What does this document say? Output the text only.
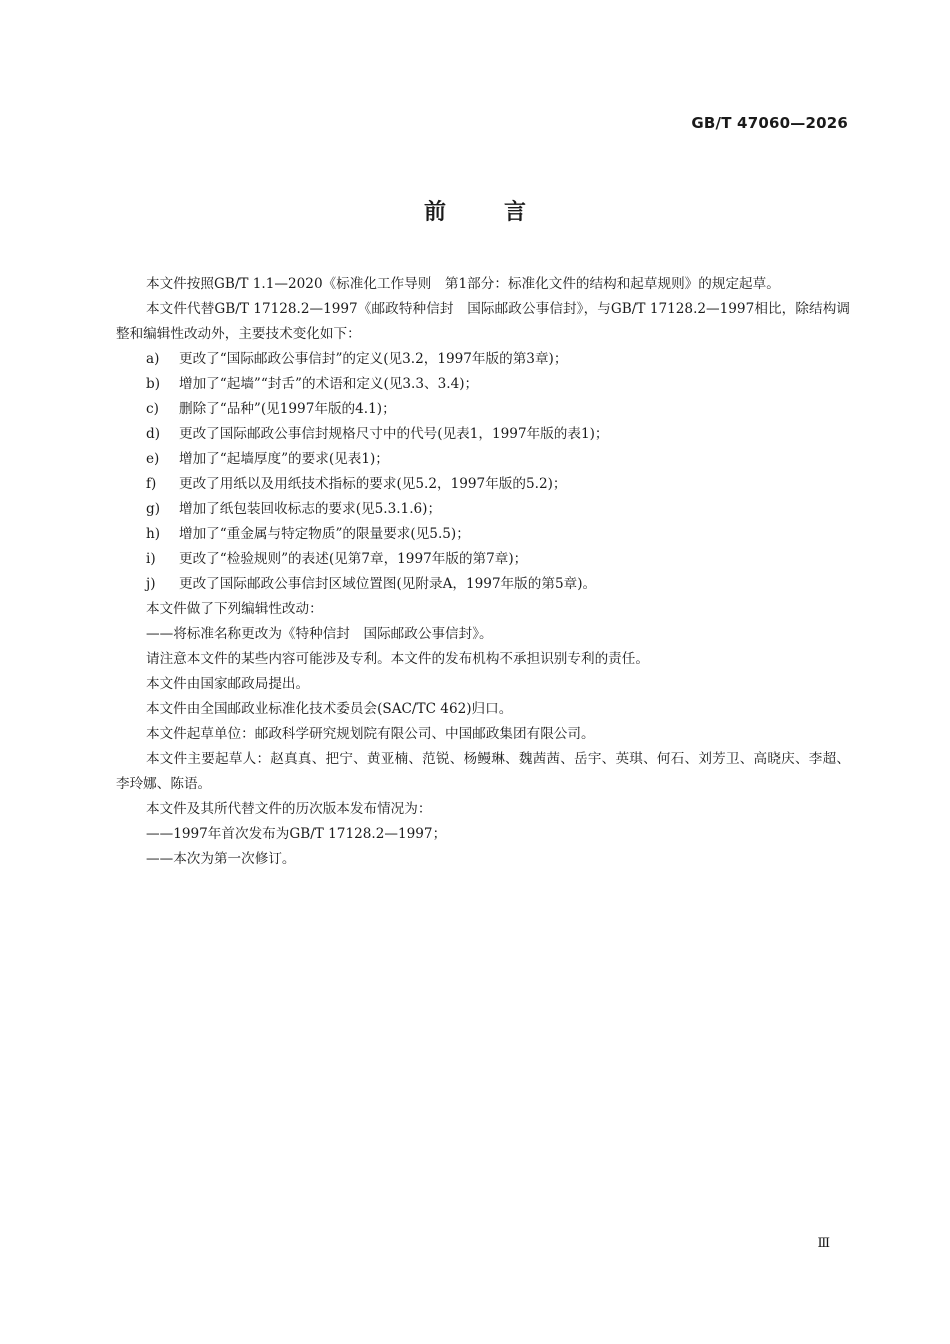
GB/T 47060—2026
前言

本文件按照GB/T 1.1—2020《标准化工作导则　第1部分：标准化文件的结构和起草规则》的规定起草。

本文件代替GB/T 17128.2—1997《邮政特种信封　国际邮政公事信封》，与GB/T 17128.2—1997相比，除结构调整和编辑性改动外，主要技术变化如下：

a)	更改了“国际邮政公事信封”的定义(见3.2，1997年版的第3章)；
b)	增加了“起墙”“封舌”的术语和定义(见3.3、3.4)；
c)	删除了“品种”(见1997年版的4.1)；
d)	更改了国际邮政公事信封规格尺寸中的代号(见表1，1997年版的表1)；
e)	增加了“起墙厚度”的要求(见表1)；
f)	更改了用纸以及用纸技术指标的要求(见5.2，1997年版的5.2)；
g)	增加了纸包装回收标志的要求(见5.3.1.6)；
h)	增加了“重金属与特定物质”的限量要求(见5.5)；
i)	更改了“检验规则”的表述(见第7章，1997年版的第7章)；
j)	更改了国际邮政公事信封区域位置图(见附录A，1997年版的第5章)。

本文件做了下列编辑性改动：

——将标准名称更改为《特种信封　国际邮政公事信封》。

请注意本文件的某些内容可能涉及专利。本文件的发布机构不承担识别专利的责任。

本文件由国家邮政局提出。

本文件由全国邮政业标准化技术委员会(SAC/TC 462)归口。

本文件起草单位：邮政科学研究规划院有限公司、中国邮政集团有限公司。

本文件主要起草人：赵真真、把宁、黄亚楠、范锐、杨鳗琳、魏茜茜、岳宇、英琪、何石、刘芳卫、高晓庆、李超、李玲娜、陈语。

本文件及其所代替文件的历次版本发布情况为：

——1997年首次发布为GB/T 17128.2—1997；

——本次为第一次修订。

Ⅲ
